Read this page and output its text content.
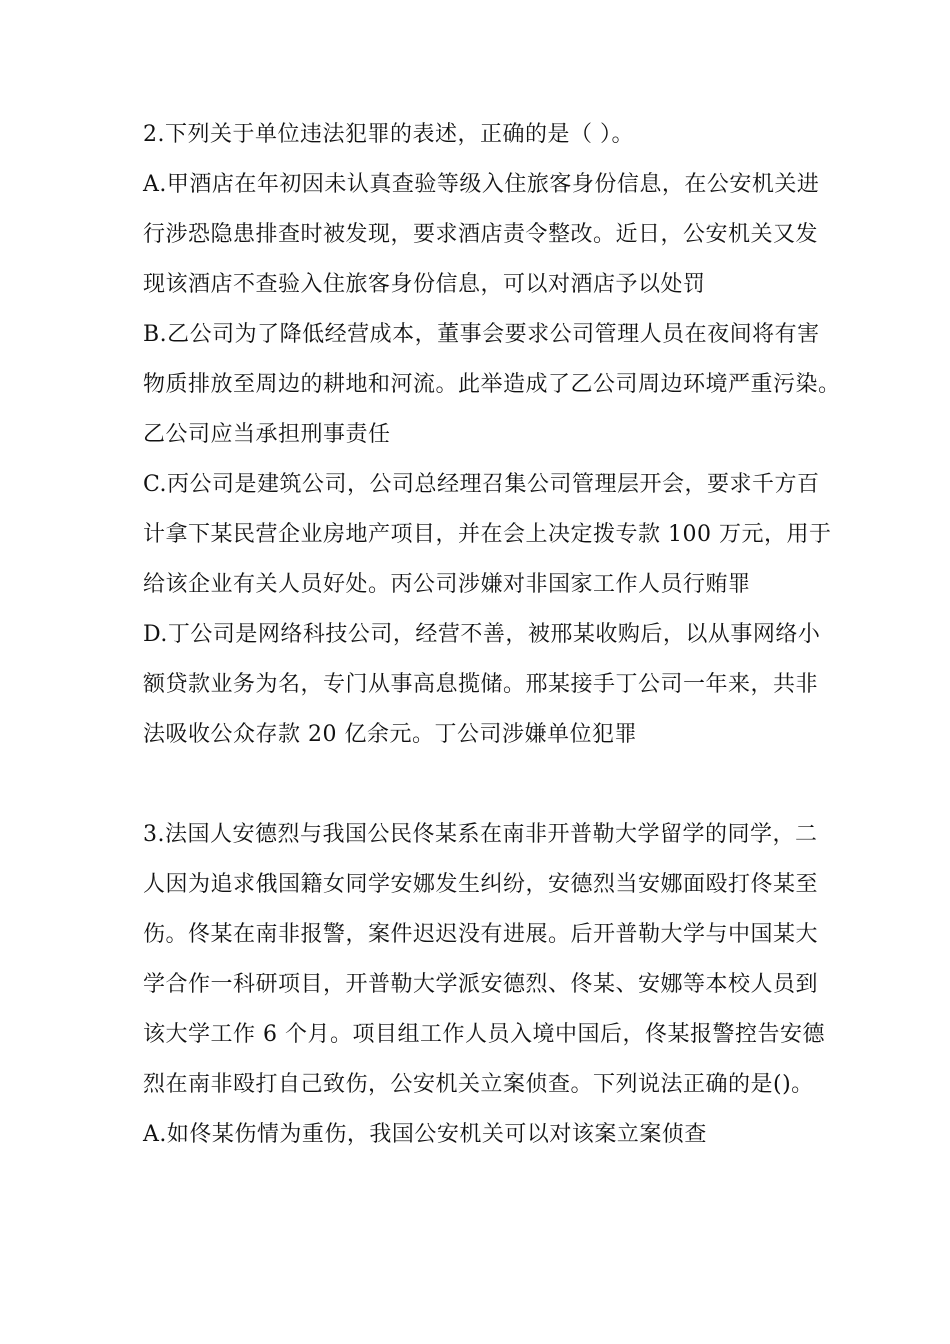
2.下列关于单位违法犯罪的表述，正确的是（ ）。
A.甲酒店在年初因未认真查验等级入住旅客身份信息，在公安机关进
行涉恐隐患排查时被发现，要求酒店责令整改。近日，公安机关又发
现该酒店不查验入住旅客身份信息，可以对酒店予以处罚
B.乙公司为了降低经营成本，董事会要求公司管理人员在夜间将有害
物质排放至周边的耕地和河流。此举造成了乙公司周边环境严重污染。
乙公司应当承担刑事责任
C.丙公司是建筑公司，公司总经理召集公司管理层开会，要求千方百
计拿下某民营企业房地产项目，并在会上决定拨专款 100 万元，用于
给该企业有关人员好处。丙公司涉嫌对非国家工作人员行贿罪
D.丁公司是网络科技公司，经营不善，被邢某收购后，以从事网络小
额贷款业务为名，专门从事高息揽储。邢某接手丁公司一年来，共非
法吸收公众存款 20 亿余元。丁公司涉嫌单位犯罪
3.法国人安德烈与我国公民佟某系在南非开普勒大学留学的同学，二
人因为追求俄国籍女同学安娜发生纠纷，安德烈当安娜面殴打佟某至
伤。佟某在南非报警，案件迟迟没有进展。后开普勒大学与中国某大
学合作一科研项目，开普勒大学派安德烈、佟某、安娜等本校人员到
该大学工作 6 个月。项目组工作人员入境中国后，佟某报警控告安德
烈在南非殴打自己致伤，公安机关立案侦查。下列说法正确的是()。
A.如佟某伤情为重伤，我国公安机关可以对该案立案侦查
